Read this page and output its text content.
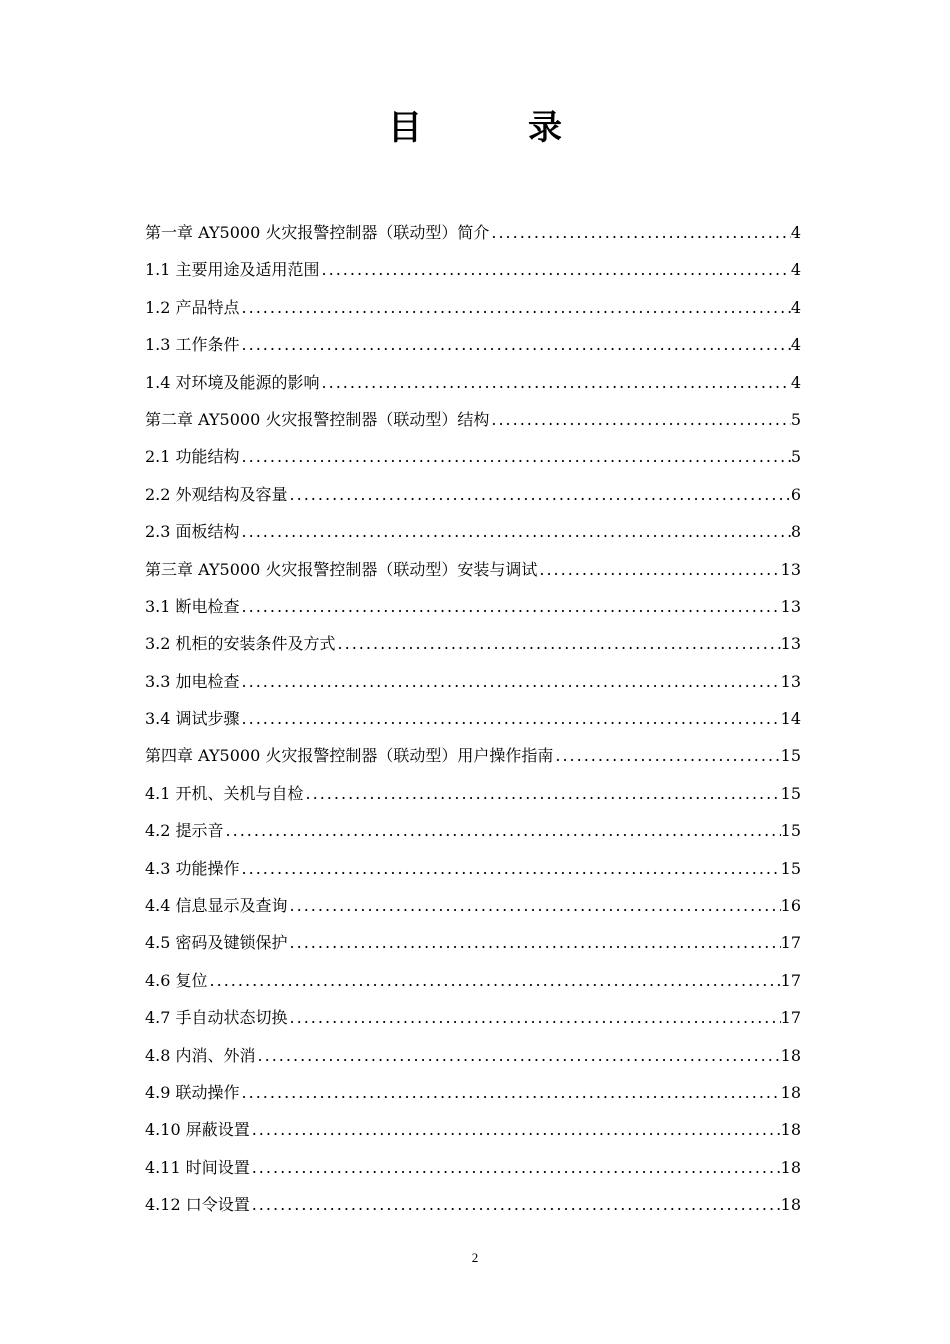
目	录
第一章 AY5000 火灾报警控制器（联动型）简介 .....	4
1.1 主要用途及适用范围 .....	4
1.2 产品特点 .....	4
1.3 工作条件 .....	4
1.4 对环境及能源的影响 .....	4
第二章 AY5000 火灾报警控制器（联动型）结构 .....	5
2.1 功能结构 .....	5
2.2 外观结构及容量 .....	6
2.3 面板结构 .....	8
第三章 AY5000 火灾报警控制器（联动型）安装与调试 .....	13
3.1 断电检查 .....	13
3.2 机柜的安装条件及方式 .....	13
3.3 加电检查 .....	13
3.4 调试步骤 .....	14
第四章 AY5000 火灾报警控制器（联动型）用户操作指南 .....	15
4.1 开机、关机与自检 .....	15
4.2 提示音 .....	15
4.3 功能操作 .....	15
4.4 信息显示及查询 .....	16
4.5 密码及键锁保护 .....	17
4.6 复位 .....	17
4.7 手自动状态切换 .....	17
4.8 内消、外消 .....	18
4.9 联动操作 .....	18
4.10 屏蔽设置 .....	18
4.11 时间设置 .....	18
4.12 口令设置 .....	18
2
